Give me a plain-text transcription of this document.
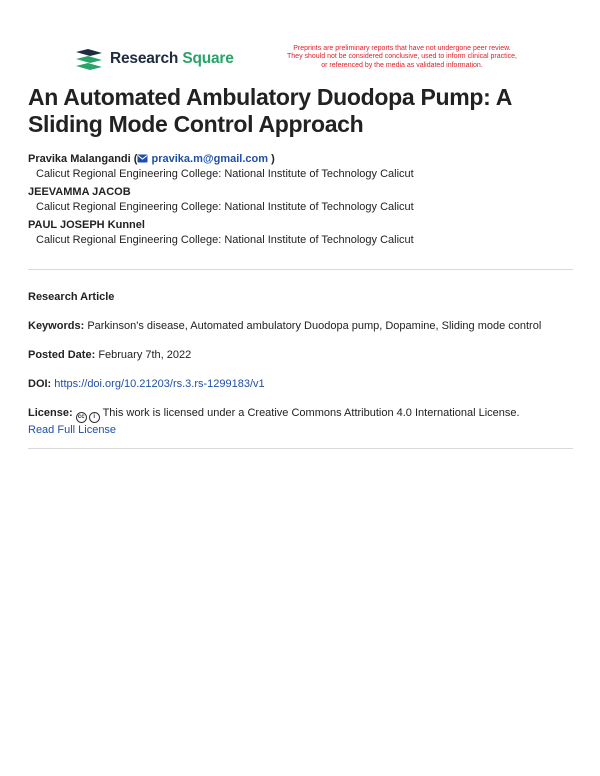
Research Square
Preprints are preliminary reports that have not undergone peer review.
They should not be considered conclusive, used to inform clinical practice,
or referenced by the media as validated information.
An Automated Ambulatory Duodopa Pump: A Sliding Mode Control Approach
Pravika Malangandi ( pravika.m@gmail.com )
Calicut Regional Engineering College: National Institute of Technology Calicut
JEEVAMMA JACOB
Calicut Regional Engineering College: National Institute of Technology Calicut
PAUL JOSEPH Kunnel
Calicut Regional Engineering College: National Institute of Technology Calicut
Research Article
Keywords: Parkinson's disease, Automated ambulatory Duodopa pump, Dopamine, Sliding mode control
Posted Date: February 7th, 2022
DOI: https://doi.org/10.21203/rs.3.rs-1299183/v1
License: cc	i This work is licensed under a Creative Commons Attribution 4.0 International License.
Read Full License
